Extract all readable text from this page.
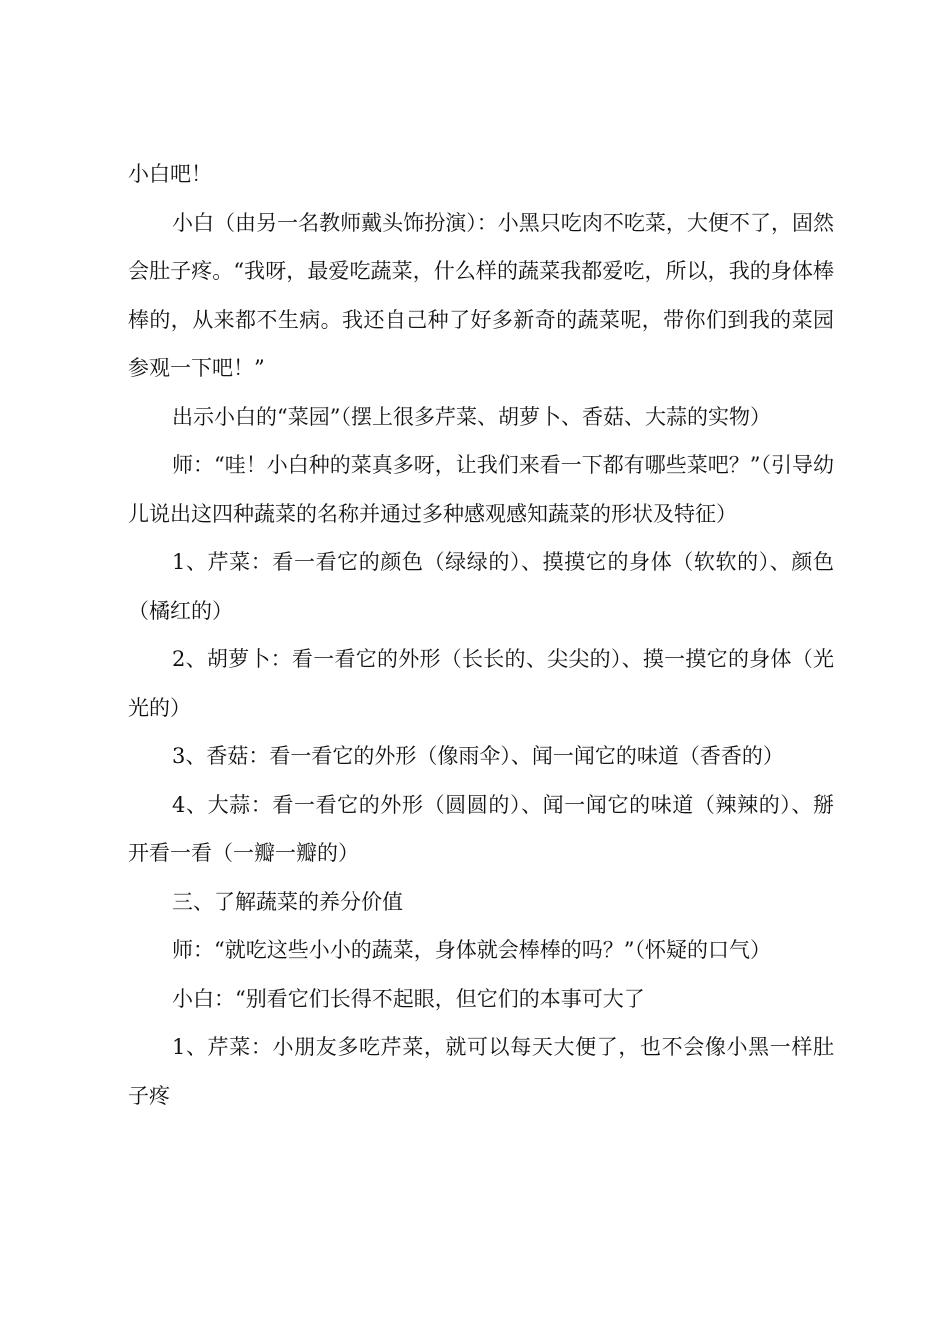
小白吧！

小白（由另一名教师戴头饰扮演）：小黑只吃肉不吃菜，大便不了，固然会肚子疼。“我呀，最爱吃蔬菜，什么样的蔬菜我都爱吃，所以，我的身体棒棒的，从来都不生病。我还自己种了好多新奇的蔬菜呢，带你们到我的菜园参观一下吧！”

出示小白的“菜园”（摆上很多芹菜、胡萝卜、香菇、大蒜的实物）

师：“哇！小白种的菜真多呀，让我们来看一下都有哪些菜吧？”（引导幼儿说出这四种蔬菜的名称并通过多种感观感知蔬菜的形状及特征）

1、芹菜：看一看它的颜色（绿绿的）、摸摸它的身体（软软的）、颜色（橘红的）

2、胡萝卜：看一看它的外形（长长的、尖尖的）、摸一摸它的身体（光光的）

3、香菇：看一看它的外形（像雨伞）、闻一闻它的味道（香香的）

4、大蒜：看一看它的外形（圆圆的）、闻一闻它的味道（辣辣的）、掰开看一看（一瓣一瓣的）

三、了解蔬菜的养分价值

师：“就吃这些小小的蔬菜，身体就会棒棒的吗？”（怀疑的口气）

小白：“别看它们长得不起眼，但它们的本事可大了

1、芹菜：小朋友多吃芹菜，就可以每天大便了，也不会像小黑一样肚子疼
